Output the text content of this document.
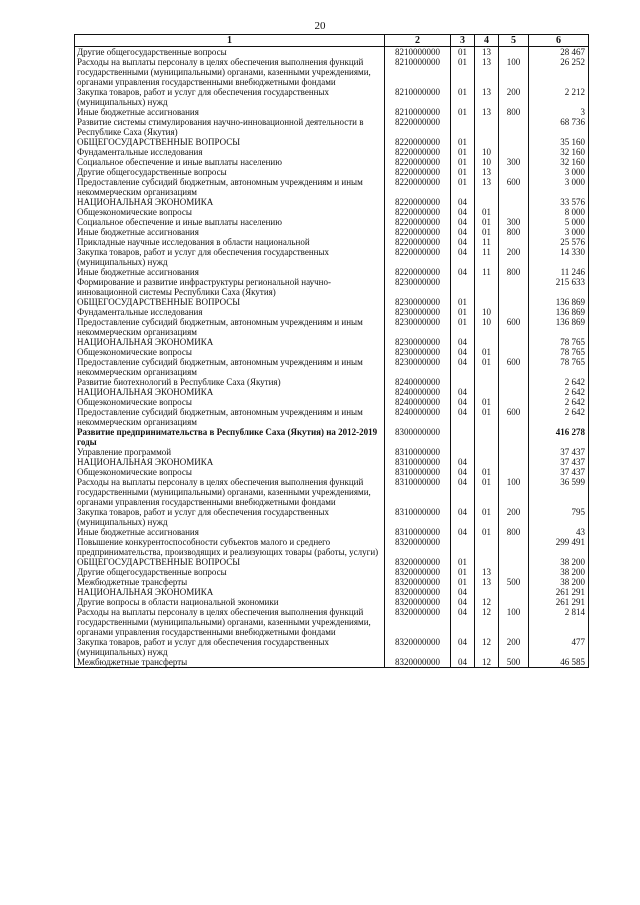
20
1	2	3	4	5	6
Другие общегосударственные вопросы	8210000000	01	13		28 467
Расходы на выплаты персоналу в целях обеспечения выполнения функций государственными (муниципальными) органами, казенными учреждениями, органами управления государственными внебюджетными фондами	8210000000	01	13	100	26 252
Закупка товаров, работ и услуг для обеспечения государственных (муниципальных) нужд	8210000000	01	13	200	2 212
Иные бюджетные ассигнования	8210000000	01	13	800	3
Развитие системы стимулирования научно-инновационной деятельности в Республике Саха (Якутия)	8220000000				68 736
ОБЩЕГОСУДАРСТВЕННЫЕ ВОПРОСЫ	8220000000	01			35 160
Фундаментальные исследования	8220000000	01	10		32 160
Социальное обеспечение и иные выплаты населению	8220000000	01	10	300	32 160
Другие общегосударственные вопросы	8220000000	01	13		3 000
Предоставление субсидий бюджетным, автономным учреждениям и иным некоммерческим организациям	8220000000	01	13	600	3 000
НАЦИОНАЛЬНАЯ ЭКОНОМИКА	8220000000	04			33 576
Общеэкономические вопросы	8220000000	04	01		8 000
Социальное обеспечение и иные выплаты населению	8220000000	04	01	300	5 000
Иные бюджетные ассигнования	8220000000	04	01	800	3 000
Прикладные научные исследования в области национальной	8220000000	04	11		25 576
Закупка товаров, работ и услуг для обеспечения государственных (муниципальных) нужд	8220000000	04	11	200	14 330
Иные бюджетные ассигнования	8220000000	04	11	800	11 246
Формирование и развитие инфраструктуры региональной научно-инновационной системы Республики Саха (Якутия)	8230000000				215 633
ОБЩЕГОСУДАРСТВЕННЫЕ ВОПРОСЫ	8230000000	01			136 869
Фундаментальные исследования	8230000000	01	10		136 869
Предоставление субсидий бюджетным, автономным учреждениям и иным некоммерческим организациям	8230000000	01	10	600	136 869
НАЦИОНАЛЬНАЯ ЭКОНОМИКА	8230000000	04			78 765
Общеэкономические вопросы	8230000000	04	01		78 765
Предоставление субсидий бюджетным, автономным учреждениям и иным некоммерческим организациям	8230000000	04	01	600	78 765
Развитие биотехнологий в Республике Саха (Якутия)	8240000000				2 642
НАЦИОНАЛЬНАЯ ЭКОНОМИКА	8240000000	04			2 642
Общеэкономические вопросы	8240000000	04	01		2 642
Предоставление субсидий бюджетным, автономным учреждениям и иным некоммерческим организациям	8240000000	04	01	600	2 642
Развитие предпринимательства в Республике Саха (Якутия) на 2012-2019 годы	8300000000				416 278
Управление программой	8310000000				37 437
НАЦИОНАЛЬНАЯ ЭКОНОМИКА	8310000000	04			37 437
Общеэкономические вопросы	8310000000	04	01		37 437
Расходы на выплаты персоналу в целях обеспечения выполнения функций государственными (муниципальными) органами, казенными учреждениями, органами управления государственными внебюджетными фондами	8310000000	04	01	100	36 599
Закупка товаров, работ и услуг для обеспечения государственных (муниципальных) нужд	8310000000	04	01	200	795
Иные бюджетные ассигнования	8310000000	04	01	800	43
Повышение конкурентоспособности субъектов малого и среднего предпринимательства, производящих и реализующих товары (работы, услуги)	8320000000				299 491
ОБЩЕГОСУДАРСТВЕННЫЕ ВОПРОСЫ	8320000000	01			38 200
Другие общегосударственные вопросы	8320000000	01	13		38 200
Межбюджетные трансферты	8320000000	01	13	500	38 200
НАЦИОНАЛЬНАЯ ЭКОНОМИКА	8320000000	04			261 291
Другие вопросы в области национальной экономики	8320000000	04	12		261 291
Расходы на выплаты персоналу в целях обеспечения выполнения функций государственными (муниципальными) органами, казенными учреждениями, органами управления государственными внебюджетными фондами	8320000000	04	12	100	2 814
Закупка товаров, работ и услуг для обеспечения государственных (муниципальных) нужд	8320000000	04	12	200	477
Межбюджетные трансферты	8320000000	04	12	500	46 585
